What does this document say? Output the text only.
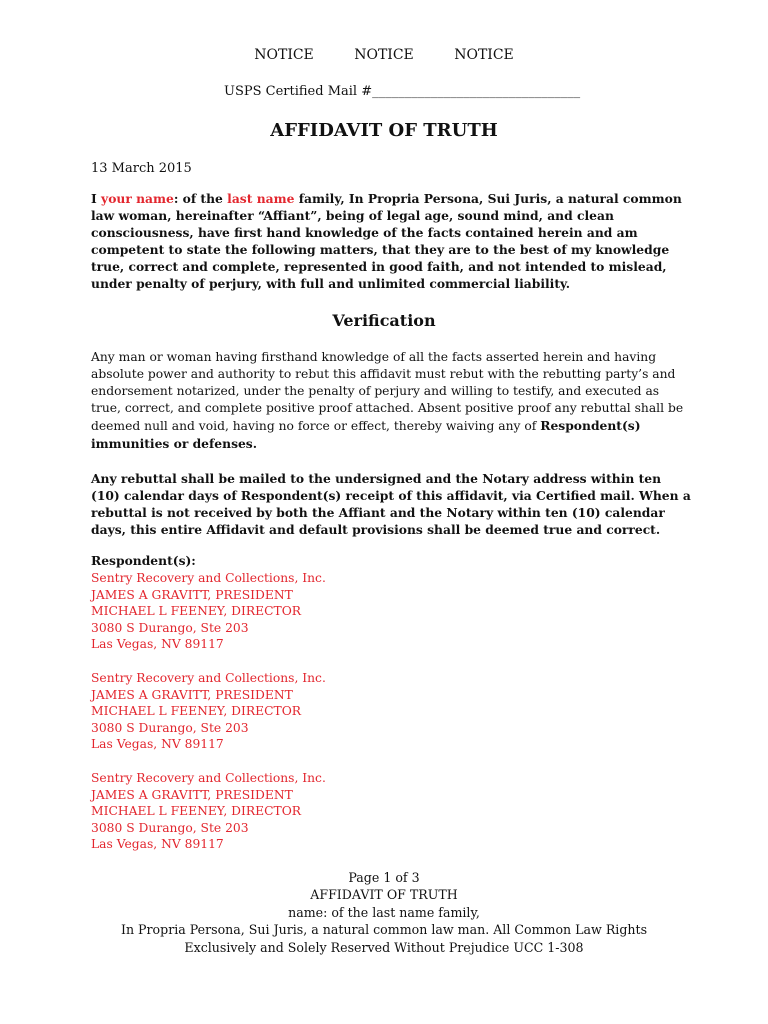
NOTICE	NOTICE	NOTICE
USPS Certified Mail #________________________________
AFFIDAVIT OF TRUTH
13 March 2015
I your name: of the last name family, In Propria Persona, Sui Juris, a natural common law woman, hereinafter “Affiant”, being of legal age, sound mind, and clean consciousness, have first hand knowledge of the facts contained herein and am competent to state the following matters, that they are to the best of my knowledge true, correct and complete, represented in good faith, and not intended to mislead, under penalty of perjury, with full and unlimited commercial liability.
Verification
Any man or woman having firsthand knowledge of all the facts asserted herein and having absolute power and authority to rebut this affidavit must rebut with the rebutting party’s and endorsement notarized, under the penalty of perjury and willing to testify, and executed as true, correct, and complete positive proof attached. Absent positive proof any rebuttal shall be deemed null and void, having no force or effect, thereby waiving any of Respondent(s) immunities or defenses.
Any rebuttal shall be mailed to the undersigned and the Notary address within ten (10) calendar days of Respondent(s) receipt of this affidavit, via Certified mail. When a rebuttal is not received by both the Affiant and the Notary within ten (10) calendar days, this entire Affidavit and default provisions shall be deemed true and correct.
Respondent(s):
Sentry Recovery and Collections, Inc.
JAMES A GRAVITT, PRESIDENT
MICHAEL L FEENEY, DIRECTOR
3080 S Durango, Ste 203
Las Vegas, NV 89117
Sentry Recovery and Collections, Inc.
JAMES A GRAVITT, PRESIDENT
MICHAEL L FEENEY, DIRECTOR
3080 S Durango, Ste 203
Las Vegas, NV 89117
Sentry Recovery and Collections, Inc.
JAMES A GRAVITT, PRESIDENT
MICHAEL L FEENEY, DIRECTOR
3080 S Durango, Ste 203
Las Vegas, NV 89117
Page 1 of 3
AFFIDAVIT OF TRUTH
name: of the last name family,
In Propria Persona, Sui Juris, a natural common law man. All Common Law Rights
Exclusively and Solely Reserved Without Prejudice UCC 1-308
